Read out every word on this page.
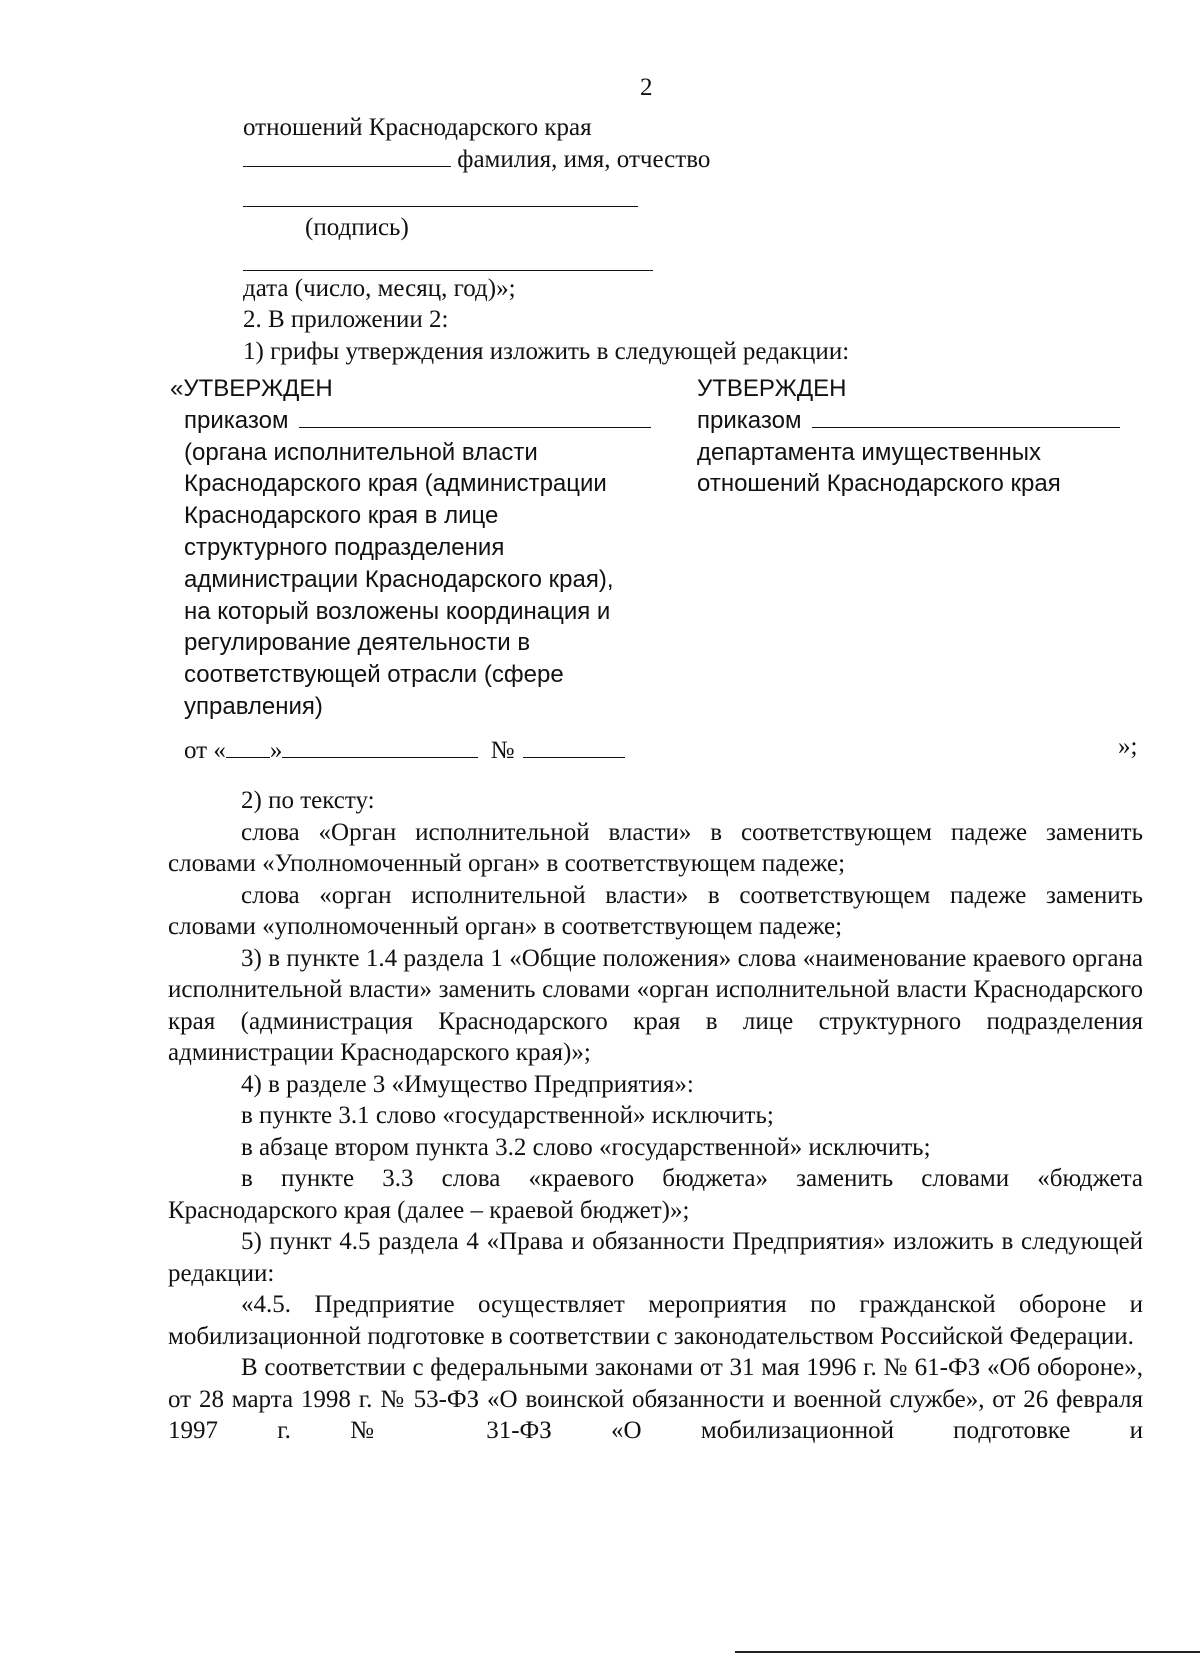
2
отношений Краснодарского края
фамилия, имя, отчество
(подпись)
дата (число, месяц, год)»;
2. В приложении 2:
1) грифы утверждения изложить в следующей редакции:
«УТВЕРЖДЕН
приказом
(органа исполнительной власти
Краснодарского края (администрации
Краснодарского края в лице
структурного подразделения
администрации Краснодарского края),
на который возложены координация и
регулирование деятельности в
соответствующей отрасли (сфере
управления)
от « »	№	»;
УТВЕРЖДЕН
приказом
департамента имущественных
отношений Краснодарского края

2) по тексту:

слова «Орган исполнительной власти» в соответствующем падеже заменить словами «Уполномоченный орган» в соответствующем падеже;

слова «орган исполнительной власти» в соответствующем падеже заменить словами «уполномоченный орган» в соответствующем падеже;

3) в пункте 1.4 раздела 1 «Общие положения» слова «наименование краевого органа исполнительной власти» заменить словами «орган исполнительной власти Краснодарского края (администрация Краснодарского края в лице структурного подразделения администрации Краснодарского края)»;

4) в разделе 3 «Имущество Предприятия»:

в пункте 3.1 слово «государственной» исключить;

в абзаце втором пункта 3.2 слово «государственной» исключить;

в пункте 3.3 слова «краевого бюджета» заменить словами «бюджета Краснодарского края (далее – краевой бюджет)»;

5) пункт 4.5 раздела 4 «Права и обязанности Предприятия» изложить в следующей редакции:

«4.5. Предприятие осуществляет мероприятия по гражданской обороне и мобилизационной подготовке в соответствии с законодательством Российской Федерации.

В соответствии с федеральными законами от 31 мая 1996 г. № 61-ФЗ «Об обороне», от 28 марта 1998 г. № 53-ФЗ «О воинской обязанности и военной службе», от 26 февраля 1997 г. № 31-ФЗ «О мобилизационной подготовке и
